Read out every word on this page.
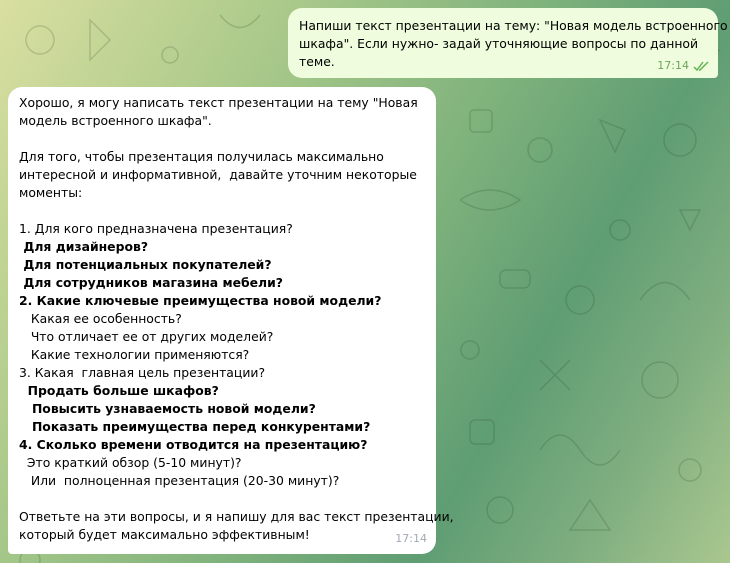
Напиши текст презентации на тему: "Новая модель встроенного
шкафа". Если нужно- задай уточняющие вопросы по данной
теме.	17:14
Хорошо, я могу написать текст презентации на тему "Новая
модель встроенного шкафа".
Для того, чтобы презентация получилась максимально
интересной и информативной,  давайте уточним некоторые
моменты:
1. Для кого предназначена презентация?
Для дизайнеров?
Для потенциальных покупателей?
Для сотрудников магазина мебели?
2. Какие ключевые преимущества новой модели?
Какая ее особенность?
Что отличает ее от других моделей?
Какие технологии применяются?
3. Какая  главная цель презентации?
Продать больше шкафов?
Повысить узнаваемость новой модели?
Показать преимущества перед конкурентами?
4. Сколько времени отводится на презентацию?
Это краткий обзор (5-10 минут)?
Или  полноценная презентация (20-30 минут)?
Ответьте на эти вопросы, и я напишу для вас текст презентации,
который будет максимально эффективным!	17:14
